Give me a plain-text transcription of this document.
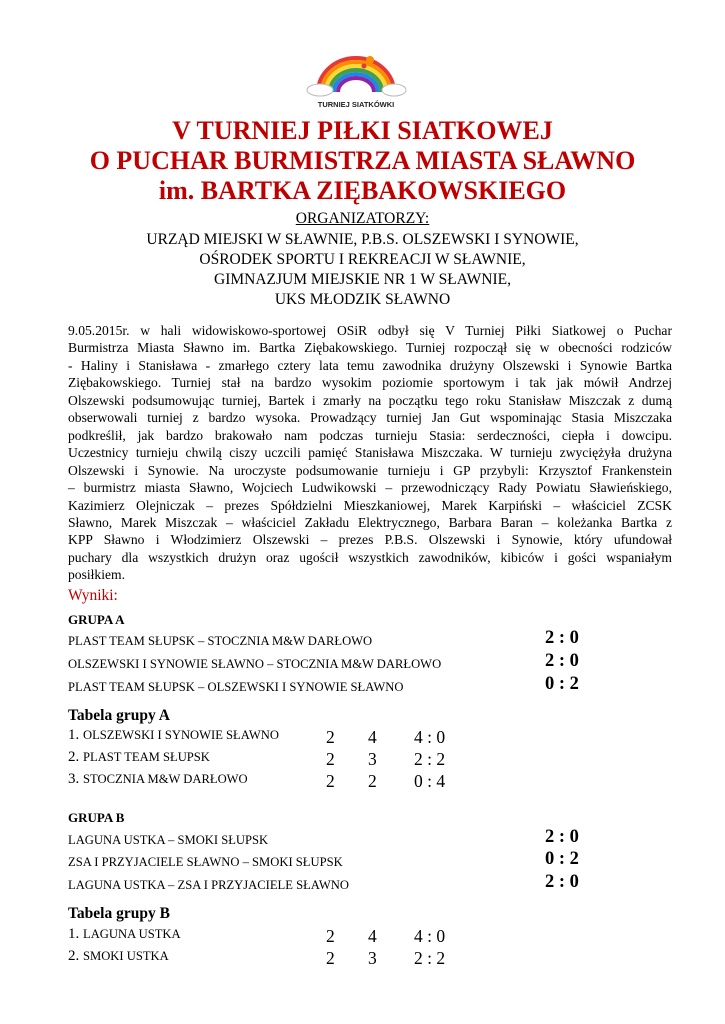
TURNIEJ SIATKÓWKI
V TURNIEJ PIŁKI SIATKOWEJ
O PUCHAR BURMISTRZA MIASTA SŁAWNO
im. BARTKA ZIĘBAKOWSKIEGO
ORGANIZATORZY:
URZĄD MIEJSKI W SŁAWNIE, P.B.S. OLSZEWSKI I SYNOWIE,
OŚRODEK SPORTU I REKREACJI W SŁAWNIE,
GIMNAZJUM MIEJSKIE NR 1 W SŁAWNIE,
UKS MŁODZIK SŁAWNO
9.05.2015r. w hali widowiskowo-sportowej OSiR odbył się V Turniej Piłki Siatkowej o Puchar
Burmistrza Miasta Sławno im. Bartka Ziębakowskiego. Turniej rozpoczął się w obecności rodziców
- Haliny i Stanisława - zmarłego cztery lata temu zawodnika drużyny Olszewski i Synowie Bartka
Ziębakowskiego. Turniej stał na bardzo wysokim poziomie sportowym i tak jak mówił Andrzej
Olszewski podsumowując turniej, Bartek i zmarły na początku tego roku Stanisław Miszczak z dumą
obserwowali turniej z bardzo wysoka. Prowadzący turniej Jan Gut wspominając Stasia Miszczaka
podkreślił, jak bardzo brakowało nam podczas turnieju Stasia: serdeczności, ciepła i dowcipu.
Uczestnicy turnieju chwilą ciszy uczcili pamięć Stanisława Miszczaka. W turnieju zwyciężyła drużyna
Olszewski i Synowie. Na uroczyste podsumowanie turnieju i GP przybyli: Krzysztof Frankenstein
– burmistrz miasta Sławno, Wojciech Ludwikowski – przewodniczący Rady Powiatu Sławieńskiego,
Kazimierz Olejniczak – prezes Spółdzielni Mieszkaniowej, Marek Karpiński – właściciel ZCSK
Sławno, Marek Miszczak – właściciel Zakładu Elektrycznego, Barbara Baran – koleżanka Bartka z
KPP Sławno i Włodzimierz Olszewski – prezes P.B.S. Olszewski i Synowie, który ufundował
puchary dla wszystkich drużyn oraz ugościł wszystkich zawodników, kibiców i gości wspaniałym
posiłkiem.
Wyniki:
GRUPA A
PLAST TEAM SŁUPSK – STOCZNIA M&W DARŁOWO	2 : 0
OLSZEWSKI I SYNOWIE SŁAWNO – STOCZNIA M&W DARŁOWO	2 : 0
PLAST TEAM SŁUPSK – OLSZEWSKI I SYNOWIE SŁAWNO	0 : 2
Tabela grupy A
1. OLSZEWSKI I SYNOWIE SŁAWNO	2 4 4 : 0
2. PLAST TEAM SŁUPSK	2 3 2 : 2
3. STOCZNIA M&W DARŁOWO	2 2 0 : 4
GRUPA B
LAGUNA USTKA – SMOKI SŁUPSK	2 : 0
ZSA I PRZYJACIELE SŁAWNO – SMOKI SŁUPSK	0 : 2
LAGUNA USTKA – ZSA I PRZYJACIELE SŁAWNO	2 : 0
Tabela grupy B
1. LAGUNA USTKA	2 4 4 : 0
2. SMOKI USTKA	2 3 2 : 2
